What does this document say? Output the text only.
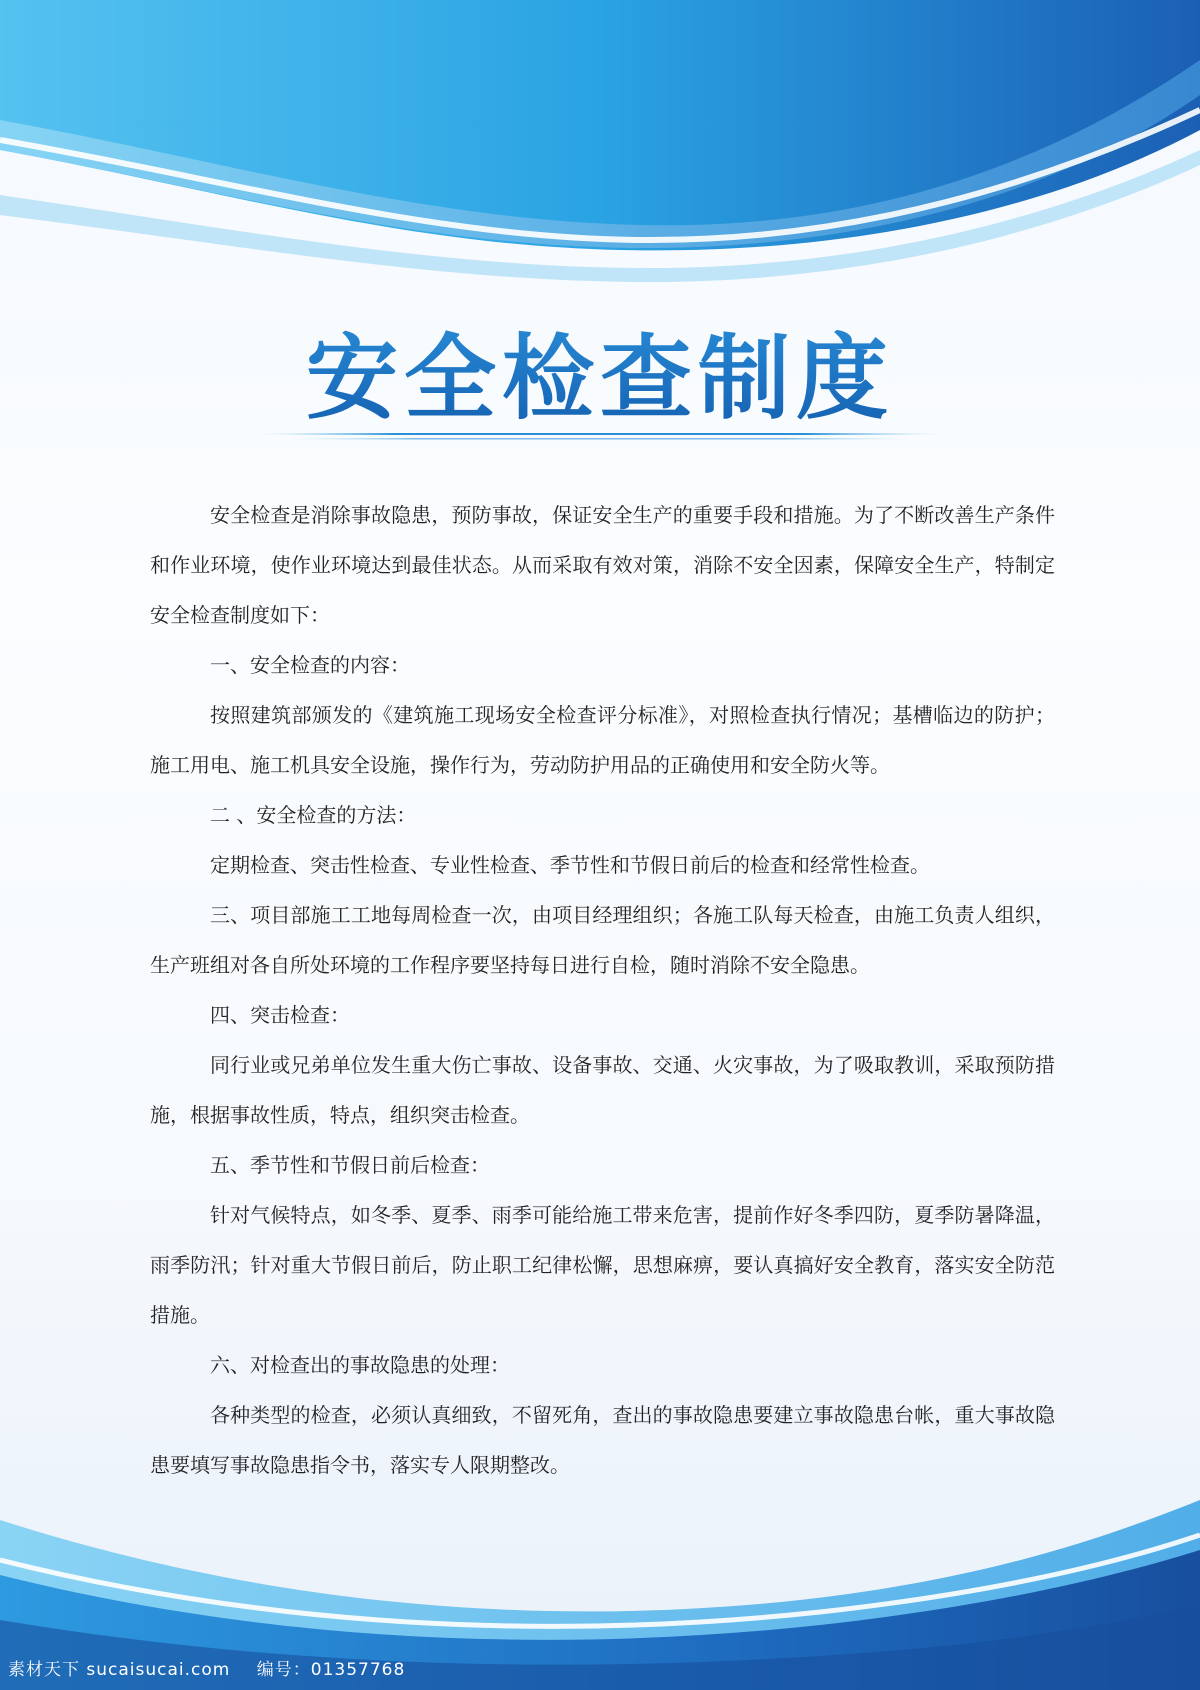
安全检查制度

安全检查是消除事故隐患，预防事故，保证安全生产的重要手段和措施。为了不断改善生产条件和作业环境，使作业环境达到最佳状态。从而采取有效对策，消除不安全因素，保障安全生产，特制定安全检查制度如下：

一、安全检查的内容：

按照建筑部颁发的《建筑施工现场安全检查评分标准》，对照检查执行情况；基槽临边的防护；施工用电、施工机具安全设施，操作行为，劳动防护用品的正确使用和安全防火等。

二 、安全检查的方法：

定期检查、突击性检查、专业性检查、季节性和节假日前后的检查和经常性检查。

三、项目部施工工地每周检查一次，由项目经理组织；各施工队每天检查，由施工负责人组织，生产班组对各自所处环境的工作程序要坚持每日进行自检，随时消除不安全隐患。

四、突击检查：

同行业或兄弟单位发生重大伤亡事故、设备事故、交通、火灾事故，为了吸取教训，采取预防措施，根据事故性质，特点，组织突击检查。

五、季节性和节假日前后检查：

针对气候特点，如冬季、夏季、雨季可能给施工带来危害，提前作好冬季四防，夏季防暑降温，雨季防汛；针对重大节假日前后，防止职工纪律松懈，思想麻痹，要认真搞好安全教育，落实安全防范措施。

六、对检查出的事故隐患的处理：

各种类型的检查，必须认真细致，不留死角，查出的事故隐患要建立事故隐患台帐，重大事故隐患要填写事故隐患指令书，落实专人限期整改。

素材天下 sucaisucai.com 编号：01357768
